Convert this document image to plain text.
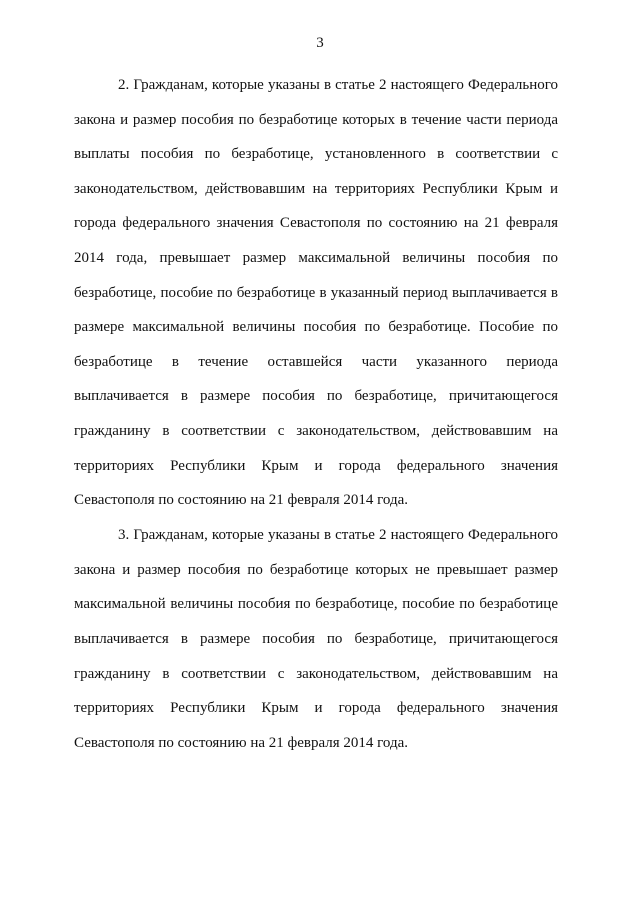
3

2. Гражданам, которые указаны в статье 2 настоящего Федерального закона и размер пособия по безработице которых в течение части периода выплаты пособия по безработице, установленного в соответствии с законодательством, действовавшим на территориях Республики Крым и города федерального значения Севастополя по состоянию на 21 февраля 2014 года, превышает размер максимальной величины пособия по безработице, пособие по безработице в указанный период выплачивается в размере максимальной величины пособия по безработице. Пособие по безработице в течение оставшейся части указанного периода выплачивается в размере пособия по безработице, причитающегося гражданину в соответствии с законодательством, действовавшим на территориях Республики Крым и города федерального значения Севастополя по состоянию на 21 февраля 2014 года.

3. Гражданам, которые указаны в статье 2 настоящего Федерального закона и размер пособия по безработице которых не превышает размер максимальной величины пособия по безработице, пособие по безработице выплачивается в размере пособия по безработице, причитающегося гражданину в соответствии с законодательством, действовавшим на территориях Республики Крым и города федерального значения Севастополя по состоянию на 21 февраля 2014 года.
